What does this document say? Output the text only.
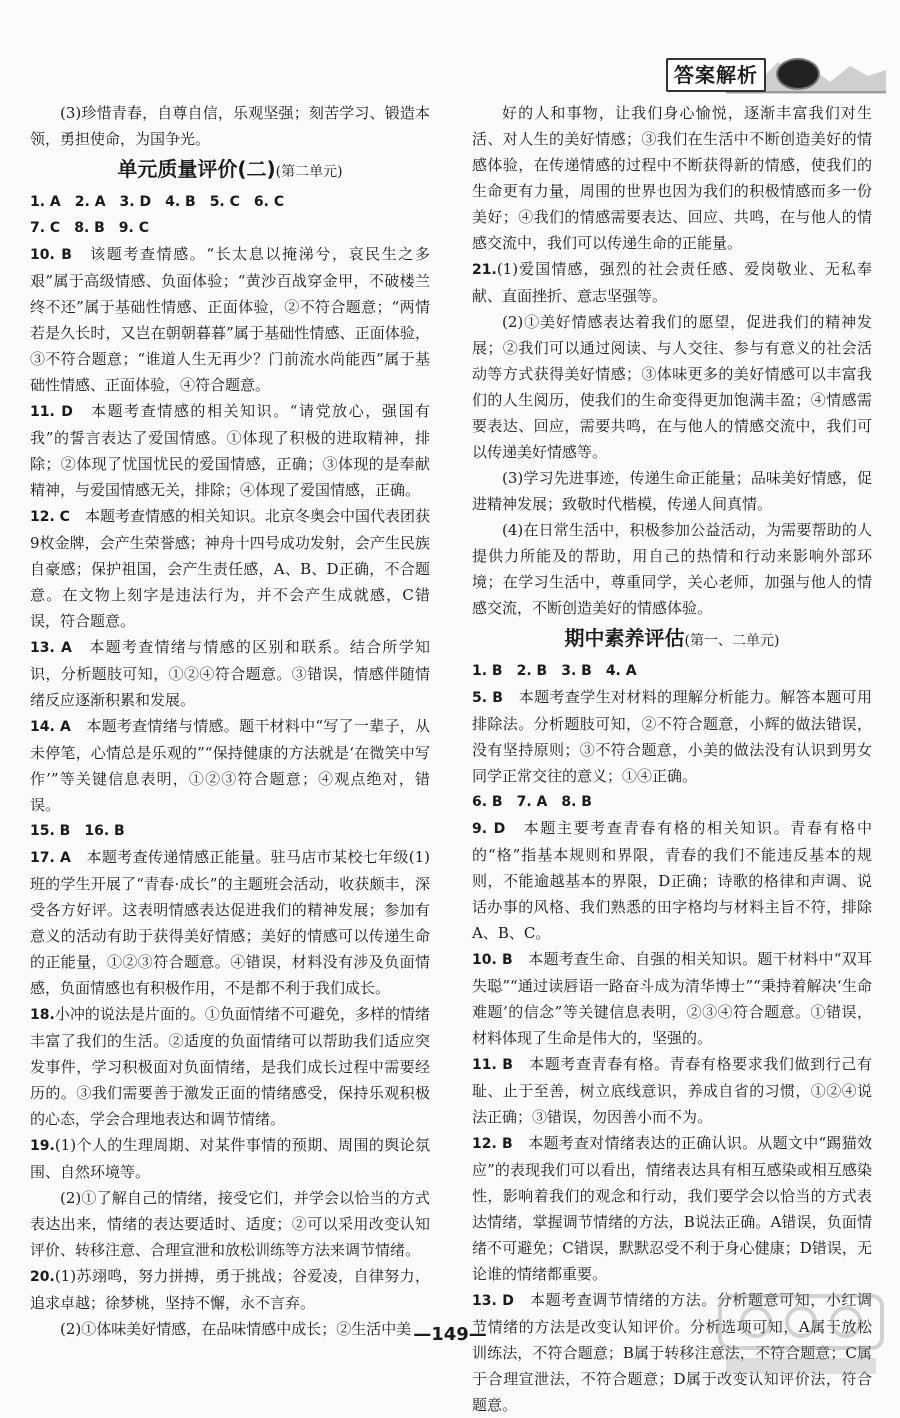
答案解析

(3)珍惜青春，自尊自信，乐观坚强；刻苦学习、锻造本领，勇担使命，为国争光。

单元质量评价(二)(第二单元)

1. A　2. A　3. D　4. B　5. C　6. C

7. C　8. B　9. C

10. B　 该题考查情感。“长太息以掩涕兮，哀民生之多艰”属于高级情感、负面体验；“黄沙百战穿金甲，不破楼兰终不还”属于基础性情感、正面体验，②不符合题意；“两情若是久长时，又岂在朝朝暮暮”属于基础性情感、正面体验，③不符合题意；“谁道人生无再少？门前流水尚能西”属于基础性情感、正面体验，④符合题意。

11. D　 本题考查情感的相关知识。“请党放心，强国有我”的誓言表达了爱国情感。①体现了积极的进取精神，排除；②体现了忧国忧民的爱国情感，正确；③体现的是奉献精神，与爱国情感无关，排除；④体现了爱国情感，正确。

12. C　 本题考查情感的相关知识。北京冬奥会中国代表团获9枚金牌，会产生荣誉感；神舟十四号成功发射，会产生民族自豪感；保护祖国，会产生责任感，A、B、D正确，不合题意。在文物上刻字是违法行为，并不会产生成就感，C错误，符合题意。

13. A　 本题考查情绪与情感的区别和联系。结合所学知识，分析题肢可知，①②④符合题意。③错误，情感伴随情绪反应逐渐积累和发展。

14. A　 本题考查情绪与情感。题干材料中“写了一辈子，从未停笔，心情总是乐观的”“保持健康的方法就是‘在微笑中写作’”等关键信息表明，①②③符合题意；④观点绝对，错误。

15. B　16. B

17. A　 本题考查传递情感正能量。驻马店市某校七年级(1)班的学生开展了“青春·成长”的主题班会活动，收获颇丰，深受各方好评。这表明情感表达促进我们的精神发展；参加有意义的活动有助于获得美好情感；美好的情感可以传递生命的正能量，①②③符合题意。④错误，材料没有涉及负面情感，负面情感也有积极作用，不是都不利于我们成长。

18.小冲的说法是片面的。①负面情绪不可避免，多样的情绪丰富了我们的生活。②适度的负面情绪可以帮助我们适应突发事件，学习积极面对负面情绪，是我们成长过程中需要经历的。③我们需要善于激发正面的情绪感受，保持乐观积极的心态，学会合理地表达和调节情绪。

19.(1)个人的生理周期、对某件事情的预期、周围的舆论氛围、自然环境等。

(2)①了解自己的情绪，接受它们，并学会以恰当的方式表达出来，情绪的表达要适时、适度；②可以采用改变认知评价、转移注意、合理宣泄和放松训练等方法来调节情绪。

20.(1)苏翊鸣，努力拼搏，勇于挑战；谷爱凌，自律努力，追求卓越；徐梦桃，坚持不懈，永不言弃。

(2)①体味美好情感，在品味情感中成长；②生活中美

好的人和事物，让我们身心愉悦，逐渐丰富我们对生活、对人生的美好情感；③我们在生活中不断创造美好的情感体验，在传递情感的过程中不断获得新的情感，使我们的生命更有力量，周围的世界也因为我们的积极情感而多一份美好；④我们的情感需要表达、回应、共鸣，在与他人的情感交流中，我们可以传递生命的正能量。

21.(1)爱国情感，强烈的社会责任感、爱岗敬业、无私奉献、直面挫折、意志坚强等。

(2)①美好情感表达着我们的愿望，促进我们的精神发展；②我们可以通过阅读、与人交往、参与有意义的社会活动等方式获得美好情感；③体味更多的美好情感可以丰富我们的人生阅历，使我们的生命变得更加饱满丰盈；④情感需要表达、回应，需要共鸣，在与他人的情感交流中，我们可以传递美好情感等。

(3)学习先进事迹，传递生命正能量；品味美好情感，促进精神发展；致敬时代楷模，传递人间真情。

(4)在日常生活中，积极参加公益活动，为需要帮助的人提供力所能及的帮助，用自己的热情和行动来影响外部环境；在学习生活中，尊重同学，关心老师，加强与他人的情感交流，不断创造美好的情感体验。

期中素养评估(第一、二单元)

1. B　2. B　3. B　4. A

5. B　 本题考查学生对材料的理解分析能力。解答本题可用排除法。分析题肢可知，②不符合题意，小辉的做法错误，没有坚持原则；③不符合题意，小美的做法没有认识到男女同学正常交往的意义；①④正确。

6. B　7. A　8. B

9. D　 本题主要考查青春有格的相关知识。青春有格中的“格”指基本规则和界限，青春的我们不能违反基本的规则，不能逾越基本的界限，D正确；诗歌的格律和声调、说话办事的风格、我们熟悉的田字格均与材料主旨不符，排除A、B、C。

10. B　 本题考查生命、自强的相关知识。题干材料中“双耳失聪”“通过读唇语一路奋斗成为清华博士”“秉持着解决‘生命难题’的信念”等关键信息表明，②③④符合题意。①错误，材料体现了生命是伟大的，坚强的。

11. B　 本题考查青春有格。青春有格要求我们做到行己有耻、止于至善，树立底线意识，养成自省的习惯，①②④说法正确；③错误，勿因善小而不为。

12. B　 本题考查对情绪表达的正确认识。从题文中“踢猫效应”的表现我们可以看出，情绪表达具有相互感染或相互感染性，影响着我们的观念和行动，我们要学会以恰当的方式表达情绪，掌握调节情绪的方法，B说法正确。A错误，负面情绪不可避免；C错误，默默忍受不利于身心健康；D错误，无论谁的情绪都重要。

13. D　 本题考查调节情绪的方法。分析题意可知，小红调节情绪的方法是改变认知评价。分析选项可知，A属于放松训练法，不符合题意；B属于转移注意法，不符合题意；C属于合理宣泄法，不符合题意；D属于改变认知评价法，符合题意。

—149—
